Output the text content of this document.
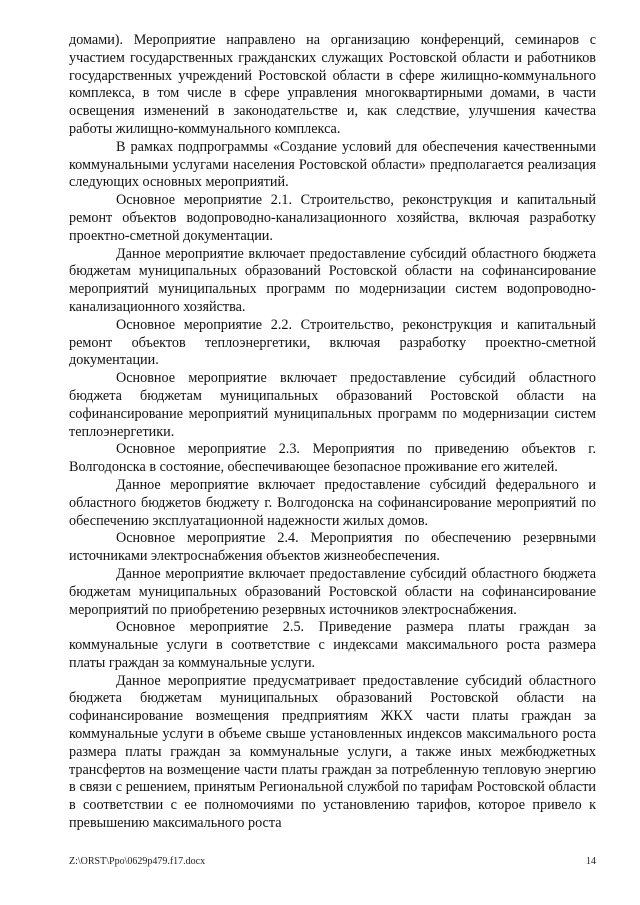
домами). Мероприятие направлено на организацию конференций, семинаров с участием государственных гражданских служащих Ростовской области и работников государственных учреждений Ростовской области в сфере жилищно-коммунального комплекса, в том числе в сфере управления многоквартирными домами, в части освещения изменений в законодательстве и, как следствие, улучшения качества работы жилищно-коммунального комплекса.

В рамках подпрограммы «Создание условий для обеспечения качественными коммунальными услугами населения Ростовской области» предполагается реализация следующих основных мероприятий.

Основное мероприятие 2.1. Строительство, реконструкция и капитальный ремонт объектов водопроводно-канализационного хозяйства, включая разработку проектно-сметной документации.

Данное мероприятие включает предоставление субсидий областного бюджета бюджетам муниципальных образований Ростовской области на софинансирование мероприятий муниципальных программ по модернизации систем водопроводно-канализационного хозяйства.

Основное мероприятие 2.2. Строительство, реконструкция и капитальный ремонт объектов теплоэнергетики, включая разработку проектно-сметной документации.

Основное мероприятие включает предоставление субсидий областного бюджета бюджетам муниципальных образований Ростовской области на софинансирование мероприятий муниципальных программ по модернизации систем теплоэнергетики.

Основное мероприятие 2.3. Мероприятия по приведению объектов г. Волгодонска в состояние, обеспечивающее безопасное проживание его жителей.

Данное мероприятие включает предоставление субсидий федерального и областного бюджетов бюджету г. Волгодонска на софинансирование мероприятий по обеспечению эксплуатационной надежности жилых домов.

Основное мероприятие 2.4. Мероприятия по обеспечению резервными источниками электроснабжения объектов жизнеобеспечения.

Данное мероприятие включает предоставление субсидий областного бюджета бюджетам муниципальных образований Ростовской области на софинансирование мероприятий по приобретению резервных источников электроснабжения.

Основное мероприятие 2.5. Приведение размера платы граждан за коммунальные услуги в соответствие с индексами максимального роста размера платы граждан за коммунальные услуги.

Данное мероприятие предусматривает предоставление субсидий областного бюджета бюджетам муниципальных образований Ростовской области на софинансирование возмещения предприятиям ЖКХ части платы граждан за коммунальные услуги в объеме свыше установленных индексов максимального роста размера платы граждан за коммунальные услуги, а также иных межбюджетных трансфертов на возмещение части платы граждан за потребленную тепловую энергию в связи с решением, принятым Региональной службой по тарифам Ростовской области в соответствии с ее полномочиями по установлению тарифов, которое привело к превышению максимального роста

Z:\ORST\Ppo\0629p479.f17.docx	14
